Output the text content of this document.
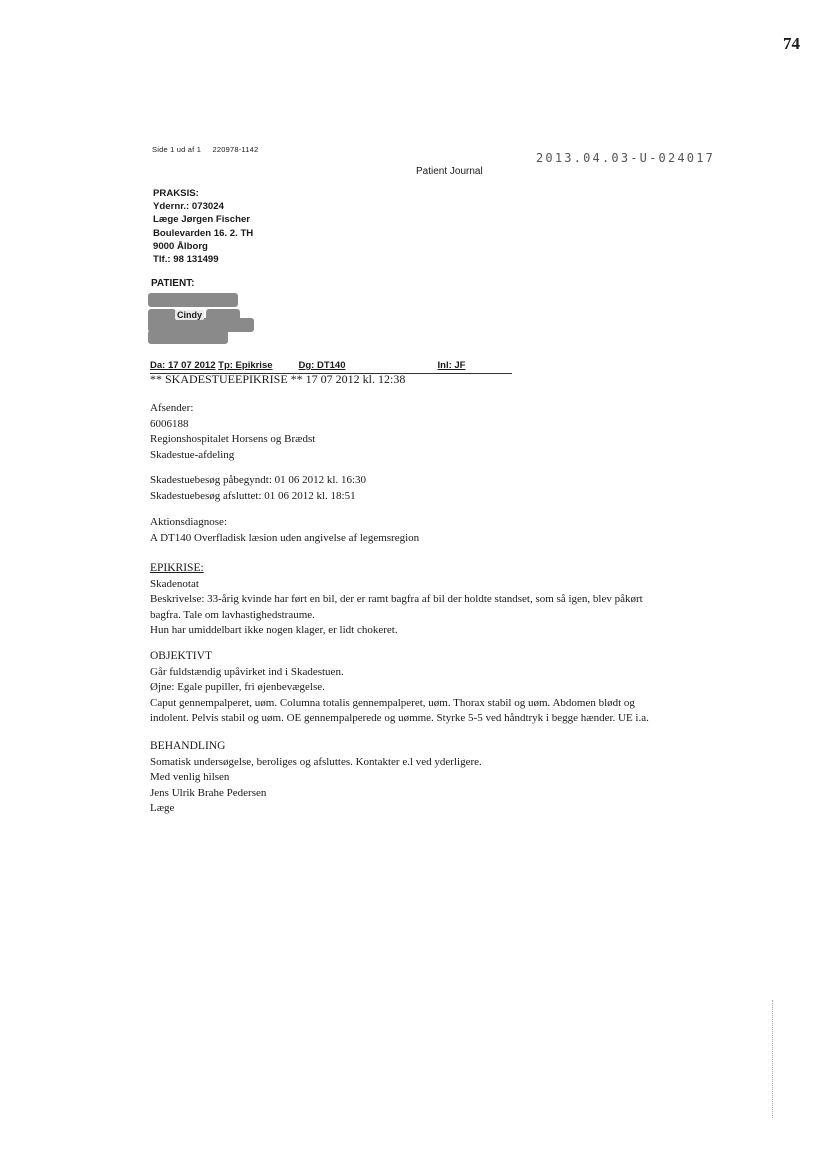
74
Side 1 ud af 1     220978-1142
2013.04.03-U-024017
Patient Journal
PRAKSIS:
Ydernr.: 073024
Læge Jørgen Fischer
Boulevarden 16. 2. TH
9000 Ålborg
Tlf.: 98 131499
PATIENT:
Cindy
Da: 17 07 2012 Tp: Epikrise	Dg: DT140	Inl: JF
** SKADESTUEEPIKRISE ** 17 07 2012 kl. 12:38
Afsender:
6006188
Regionshospitalet Horsens og Brædst
Skadestue-afdeling
Skadestuebesøg påbegyndt: 01 06 2012 kl. 16:30
Skadestuebesøg afsluttet: 01 06 2012 kl. 18:51
Aktionsdiagnose:
A DT140 Overfladisk læsion uden angivelse af legemsregion
EPIKRISE:
Skadenotat
Beskrivelse: 33-årig kvinde har ført en bil, der er ramt bagfra af bil der holdte standset, som så igen, blev påkørt
bagfra. Tale om lavhastighedstraume.
Hun har umiddelbart ikke nogen klager, er lidt chokeret.
OBJEKTIVT
Går fuldstændig upåvirket ind i Skadestuen.
Øjne: Egale pupiller, fri øjenbevægelse.
Caput gennempalperet, uøm. Columna totalis gennempalperet, uøm. Thorax stabil og uøm. Abdomen blødt og
indolent. Pelvis stabil og uøm. OE gennempalperede og uømme. Styrke 5-5 ved håndtryk i begge hænder. UE i.a.
BEHANDLING
Somatisk undersøgelse, beroliges og afsluttes. Kontakter e.l ved yderligere.
Med venlig hilsen
Jens Ulrik Brahe Pedersen
Læge
